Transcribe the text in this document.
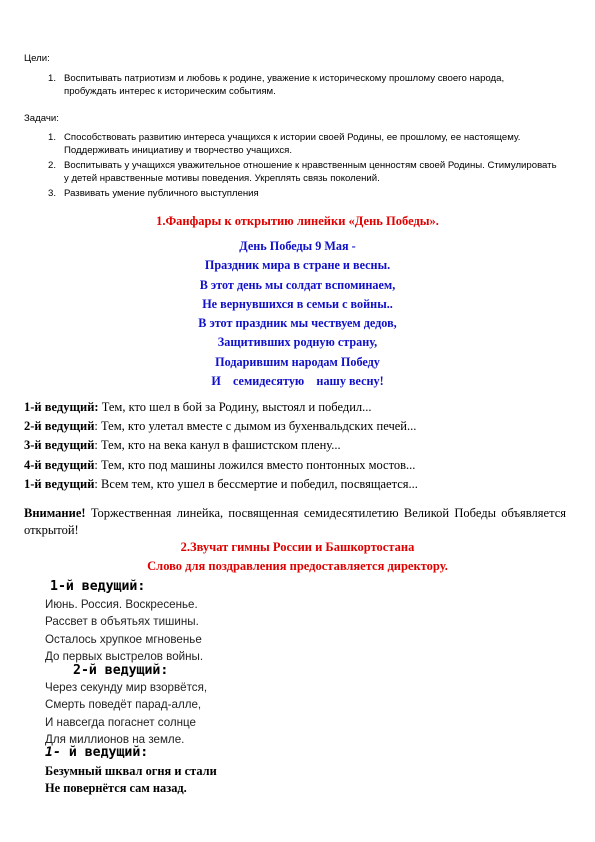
Цели:
1. Воспитывать патриотизм и любовь к родине, уважение к историческому прошлому своего народа, пробуждать интерес к историческим событиям.
Задачи:
1. Способствовать развитию интереса учащихся к истории своей Родины, ее прошлому, ее настоящему. Поддерживать инициативу и творчество учащихся.
2. Воспитывать у учащихся уважительное отношение к нравственным ценностям своей Родины. Стимулировать у детей нравственные мотивы поведения. Укреплять связь поколений.
3. Развивать умение публичного выступления
1.Фанфары к открытию линейки «День Победы».
День Победы 9 Мая -
Праздник мира в стране и весны.
В этот день мы солдат вспоминаем,
Не вернувшихся в семьи с войны..
В этот праздник мы чествуем дедов,
Защитивших родную страну,
Подарившим народам Победу
И    семидесятую    нашу весну!
1-й ведущий: Тем, кто шел в бой за Родину, выстоял и победил...
2-й ведущий: Тем, кто улетал вместе с дымом из бухенвальдских печей...
3-й ведущий: Тем, кто на века канул в фашистском плену...
4-й ведущий: Тем, кто под машины ложился вместо понтонных мостов...
1-й ведущий: Всем тем, кто ушел в бессмертие и победил, посвящается...
Внимание! Торжественная линейка, посвященная семидесятилетию Великой Победы объявляется открытой!
2.Звучат гимны России и Башкортостана
Слово для поздравления предоставляется директору.
1-й ведущий:
Июнь. Россия. Воскресенье.
Рассвет в объятьях тишины.
Осталось хрупкое мгновенье
До первых выстрелов войны.
2-й ведущий:
Через секунду мир взорвётся,
Смерть поведёт парад-алле,
И навсегда погаснет солнце
Для миллионов на земле.
1- й ведущий:
Безумный шквал огня и стали
Не повернётся сам назад.
